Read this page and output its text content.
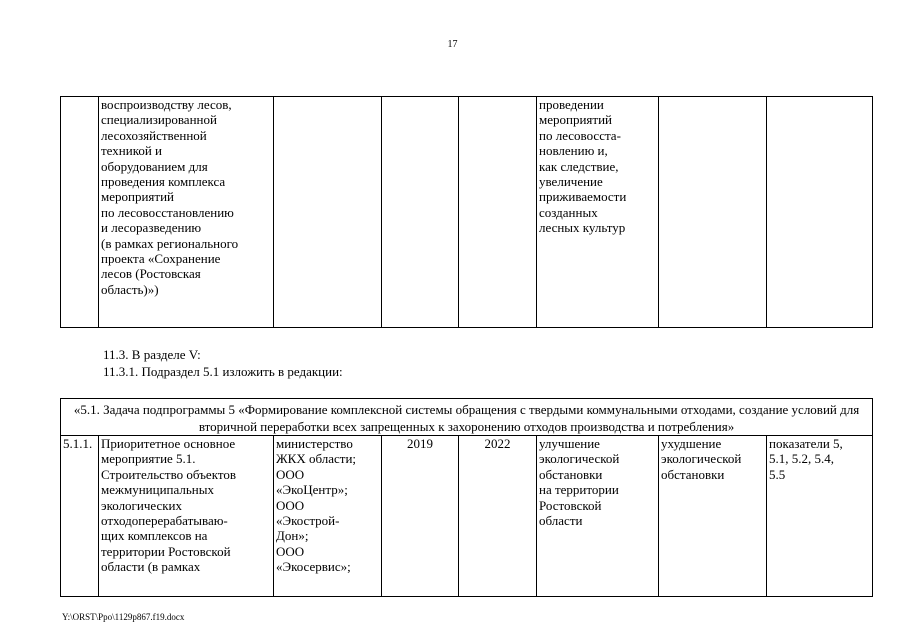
17
	воспроизводству лесов,
специализированной
лесохозяйственной
техникой и
оборудованием для
проведения комплекса
мероприятий
по лесовосстановлению
и лесоразведению
(в рамках регионального
проекта «Сохранение
лесов (Ростовская
область)»)				проведении
мероприятий
по лесовосста-
новлению и,
как следствие,
увеличение
приживаемости
созданных
лесных культур		
11.3. В разделе V:
11.3.1. Подраздел 5.1 изложить в редакции:
«5.1. Задача подпрограммы 5 «Формирование комплексной системы обращения с твердыми коммунальными отходами, создание условий для вторичной переработки всех запрещенных к захоронению отходов производства и потребления»
5.1.1.	Приоритетное основное
мероприятие 5.1.
Строительство объектов
межмуниципальных
экологических
отходоперерабатываю-
щих комплексов на
территории Ростовской
области (в рамках	министерство
ЖКХ области;
ООО
«ЭкоЦентр»;
ООО
«Экострой-
Дон»;
ООО
«Экосервис»;	2019	2022	улучшение
экологической
обстановки
на территории
Ростовской
области	ухудшение
экологической
обстановки	показатели 5,
5.1, 5.2, 5.4,
5.5
Y:\ORST\Ppo\1129p867.f19.docx
